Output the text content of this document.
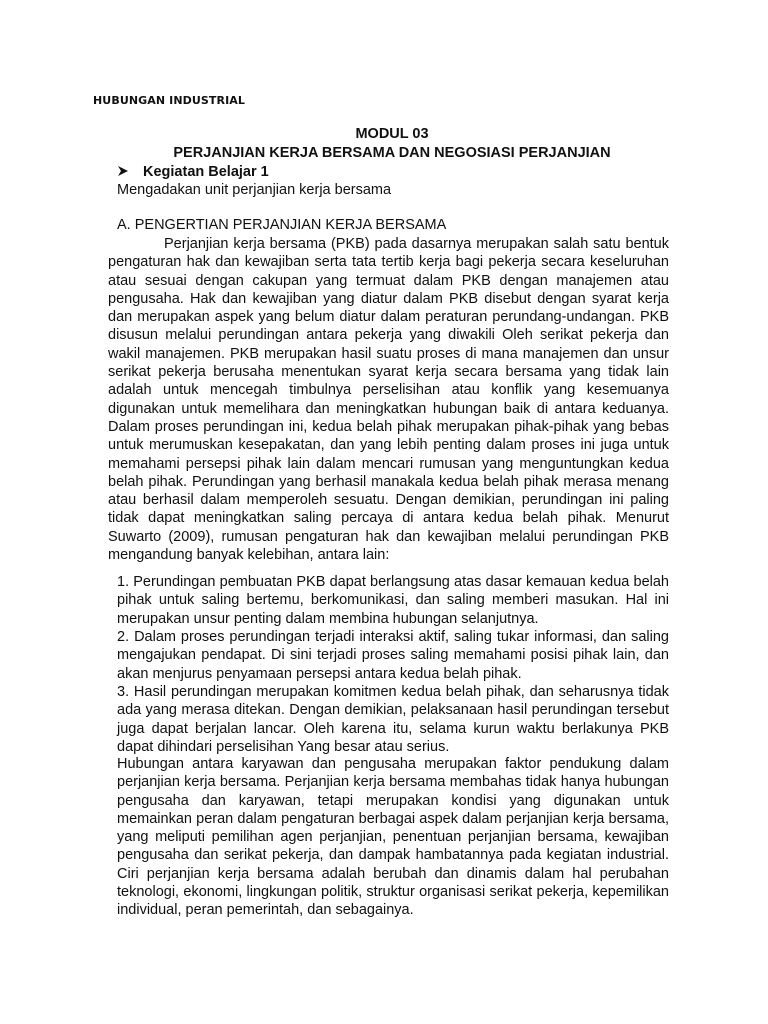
HUBUNGAN INDUSTRIAL
MODUL 03
PERJANJIAN KERJA BERSAMA DAN NEGOSIASI PERJANJIAN
Kegiatan Belajar 1
Mengadakan unit perjanjian kerja bersama
A. PENGERTIAN PERJANJIAN KERJA BERSAMA
Perjanjian kerja bersama (PKB) pada dasarnya merupakan salah satu bentuk pengaturan hak dan kewajiban serta tata tertib kerja bagi pekerja secara keseluruhan atau sesuai dengan cakupan yang termuat dalam PKB dengan manajemen atau pengusaha. Hak dan kewajiban yang diatur dalam PKB disebut dengan syarat kerja dan merupakan aspek yang belum diatur dalam peraturan perundang-undangan. PKB disusun melalui perundingan antara pekerja yang diwakili Oleh serikat pekerja dan wakil manajemen. PKB merupakan hasil suatu proses di mana manajemen dan unsur serikat pekerja berusaha menentukan syarat kerja secara bersama yang tidak lain adalah untuk mencegah timbulnya perselisihan atau konflik yang kesemuanya digunakan untuk memelihara dan meningkatkan hubungan baik di antara keduanya. Dalam proses perundingan ini, kedua belah pihak merupakan pihak-pihak yang bebas untuk merumuskan kesepakatan, dan yang lebih penting dalam proses ini juga untuk memahami persepsi pihak lain dalam mencari rumusan yang menguntungkan kedua belah pihak. Perundingan yang berhasil manakala kedua belah pihak merasa menang atau berhasil dalam memperoleh sesuatu. Dengan demikian, perundingan ini paling tidak dapat meningkatkan saling percaya di antara kedua belah pihak. Menurut Suwarto (2009), rumusan pengaturan hak dan kewajiban melalui perundingan PKB mengandung banyak kelebihan, antara lain:
1. Perundingan pembuatan PKB dapat berlangsung atas dasar kemauan kedua belah pihak untuk saling bertemu, berkomunikasi, dan saling memberi masukan. Hal ini merupakan unsur penting dalam membina hubungan selanjutnya.
2. Dalam proses perundingan terjadi interaksi aktif, saling tukar informasi, dan saling mengajukan pendapat. Di sini terjadi proses saling memahami posisi pihak lain, dan akan menjurus penyamaan persepsi antara kedua belah pihak.
3. Hasil perundingan merupakan komitmen kedua belah pihak, dan seharusnya tidak ada yang merasa ditekan. Dengan demikian, pelaksanaan hasil perundingan tersebut juga dapat berjalan lancar. Oleh karena itu, selama kurun waktu berlakunya PKB dapat dihindari perselisihan Yang besar atau serius.
Hubungan antara karyawan dan pengusaha merupakan faktor pendukung dalam perjanjian kerja bersama. Perjanjian kerja bersama membahas tidak hanya hubungan pengusaha dan karyawan, tetapi merupakan kondisi yang digunakan untuk memainkan peran dalam pengaturan berbagai aspek dalam perjanjian kerja bersama, yang meliputi pemilihan agen perjanjian, penentuan perjanjian bersama, kewajiban pengusaha dan serikat pekerja, dan dampak hambatannya pada kegiatan industrial. Ciri perjanjian kerja bersama adalah berubah dan dinamis dalam hal perubahan teknologi, ekonomi, lingkungan politik, struktur organisasi serikat pekerja, kepemilikan individual, peran pemerintah, dan sebagainya.
